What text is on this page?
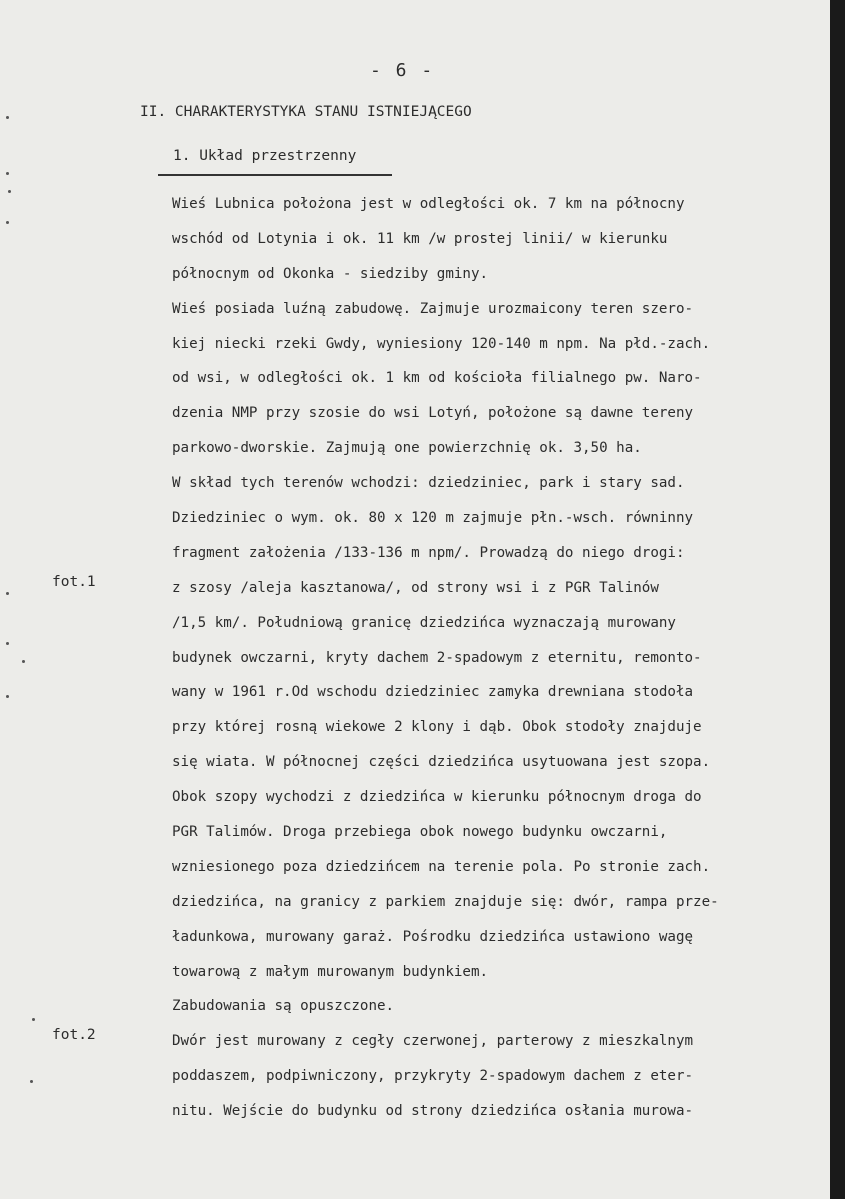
- 6 -
II. CHARAKTERYSTYKA STANU ISTNIEJĄCEGO
1. Układ przestrzenny
fot.1
fot.2
Wieś Lubnica położona jest w odległości ok. 7 km na północny
wschód od Lotynia i ok. 11 km /w prostej linii/ w kierunku
północnym od Okonka - siedziby gminy.
Wieś posiada luźną zabudowę. Zajmuje urozmaicony teren szero-
kiej niecki rzeki Gwdy, wyniesiony 120-140 m npm. Na płd.-zach.
od wsi, w odległości ok. 1 km od kościoła filialnego pw. Naro-
dzenia NMP przy szosie do wsi Lotyń, położone są dawne tereny
parkowo-dworskie. Zajmują one powierzchnię ok. 3,50 ha.
W skład tych terenów wchodzi: dziedziniec, park i stary sad.
Dziedziniec o wym. ok. 80 x 120 m zajmuje płn.-wsch. równinny
fragment założenia /133-136 m npm/. Prowadzą do niego drogi:
z szosy /aleja kasztanowa/, od strony wsi i z PGR Talinów
/1,5 km/. Południową granicę dziedzińca wyznaczają murowany
budynek owczarni, kryty dachem 2-spadowym z eternitu, remonto-
wany w 1961 r.Od wschodu dziedziniec zamyka drewniana stodoła
przy której rosną wiekowe 2 klony i dąb. Obok stodoły znajduje
się wiata. W północnej części dziedzińca usytuowana jest szopa.
Obok szopy wychodzi z dziedzińca w kierunku północnym droga do
PGR Talimów. Droga przebiega obok nowego budynku owczarni,
wzniesionego poza dziedzińcem na terenie pola. Po stronie zach.
dziedzińca, na granicy z parkiem znajduje się: dwór, rampa prze-
ładunkowa, murowany garaż. Pośrodku dziedzińca ustawiono wagę
towarową z małym murowanym budynkiem.
Zabudowania są opuszczone.
Dwór jest murowany z cegły czerwonej, parterowy z mieszkalnym
poddaszem, podpiwniczony, przykryty 2-spadowym dachem z eter-
nitu. Wejście do budynku od strony dziedzińca osłania murowa-
